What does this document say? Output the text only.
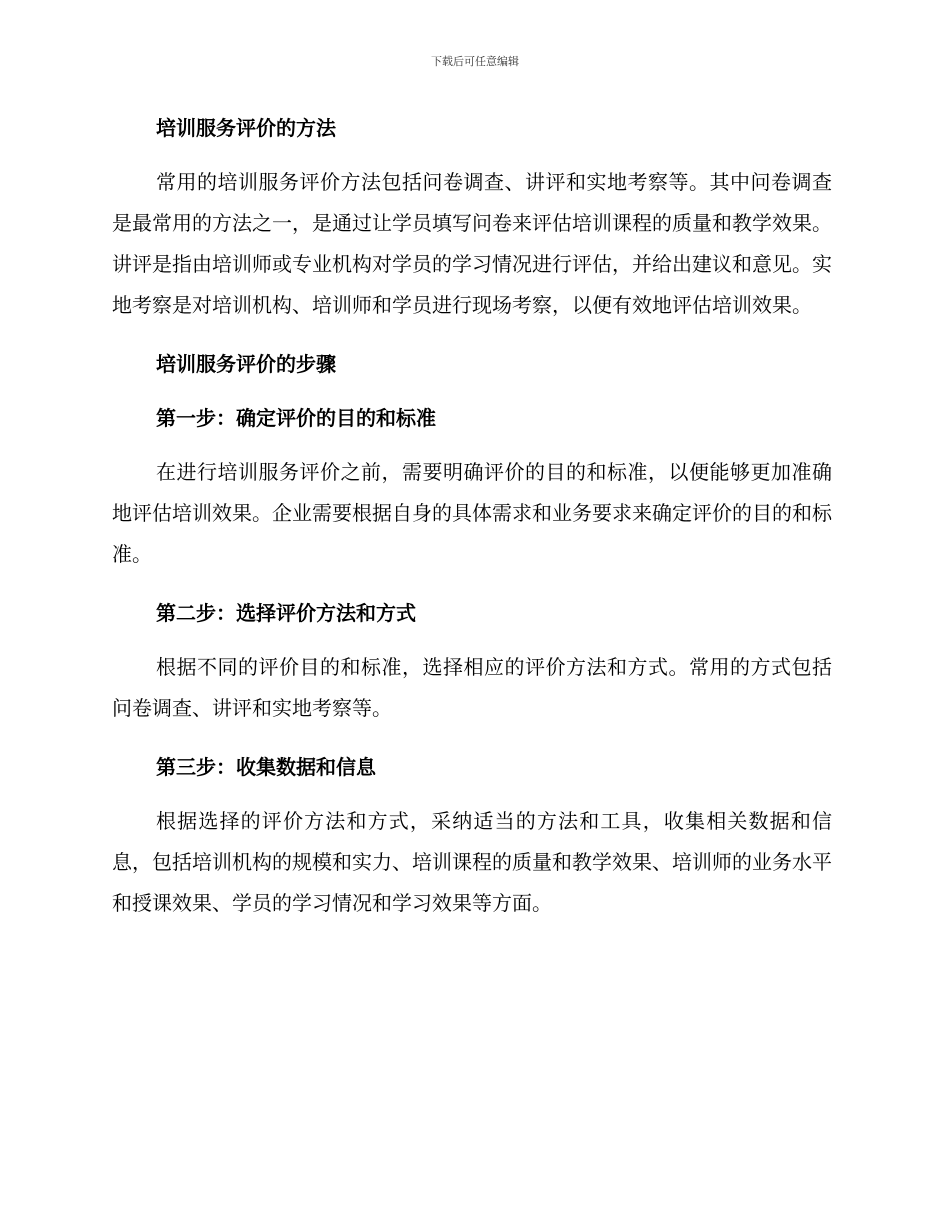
下载后可任意编辑
培训服务评价的方法

常用的培训服务评价方法包括问卷调查、讲评和实地考察等。其中问卷调查是最常用的方法之一，是通过让学员填写问卷来评估培训课程的质量和教学效果。讲评是指由培训师或专业机构对学员的学习情况进行评估，并给出建议和意见。实地考察是对培训机构、培训师和学员进行现场考察，以便有效地评估培训效果。

培训服务评价的步骤
第一步：确定评价的目的和标准

在进行培训服务评价之前，需要明确评价的目的和标准，以便能够更加准确地评估培训效果。企业需要根据自身的具体需求和业务要求来确定评价的目的和标准。

第二步：选择评价方法和方式

根据不同的评价目的和标准，选择相应的评价方法和方式。常用的方式包括问卷调查、讲评和实地考察等。

第三步：收集数据和信息

根据选择的评价方法和方式，采纳适当的方法和工具，收集相关数据和信息，包括培训机构的规模和实力、培训课程的质量和教学效果、培训师的业务水平和授课效果、学员的学习情况和学习效果等方面。
